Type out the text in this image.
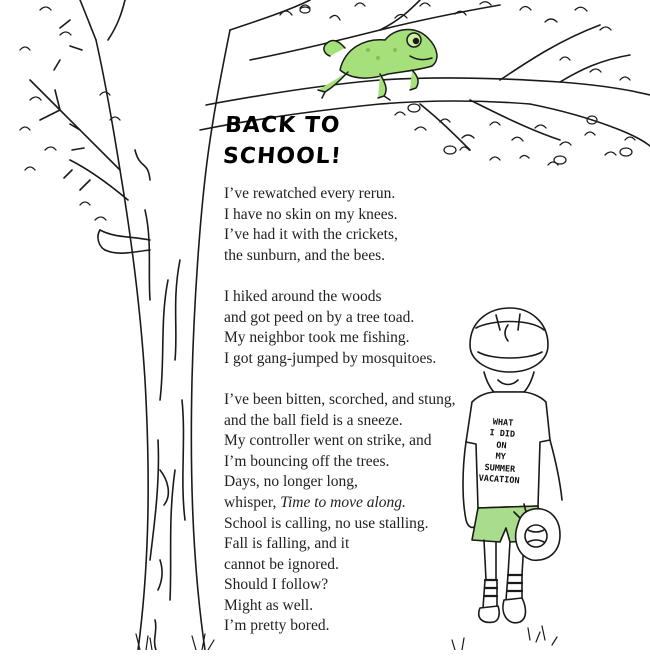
BACK TO
SCHOOL!
I’ve rewatched every rerun.
I have no skin on my knees.
I’ve had it with the crickets,
the sunburn, and the bees.
I hiked around the woods
and got peed on by a tree toad.
My neighbor took me fishing.
I got gang-jumped by mosquitoes.
I’ve been bitten, scorched, and stung,
and the ball field is a sneeze.
My controller went on strike, and
I’m bouncing off the trees.
Days, no longer long,
whisper, Time to move along.
School is calling, no use stalling.
Fall is falling, and it
cannot be ignored.
Should I follow?
Might as well.
I’m pretty bored.
WHAT
I DID
ON
MY
SUMMER
VACATION
